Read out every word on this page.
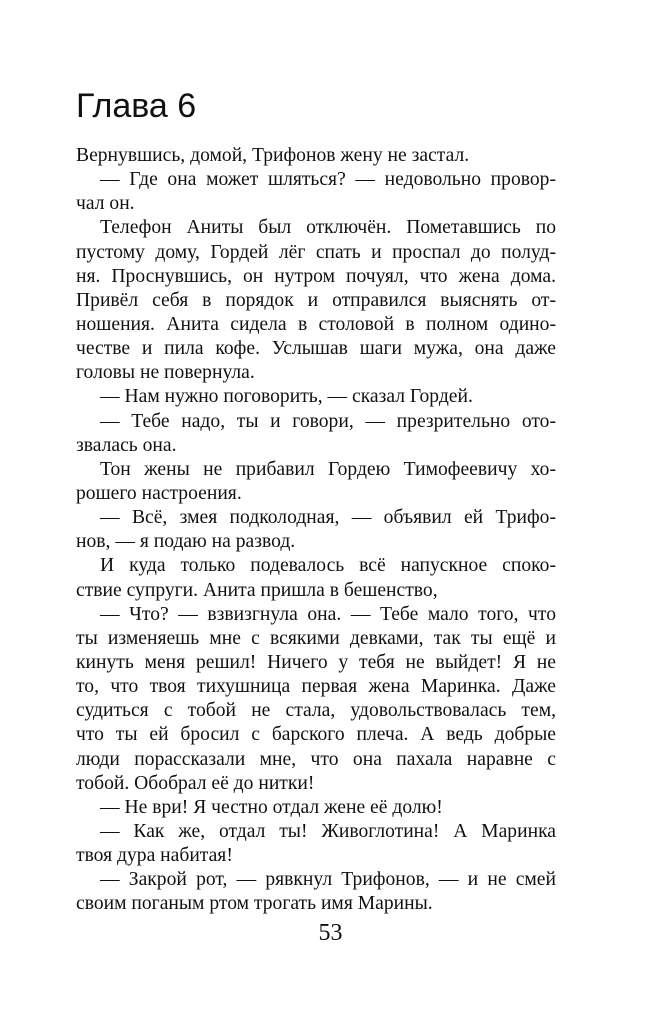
Глава 6
Вернувшись, домой, Трифонов жену не застал.
— Где она может шляться? — недовольно провор-
чал он.
Телефон Аниты был отключён. Пометавшись по
пустому дому, Гордей лёг спать и проспал до полуд-
ня. Проснувшись, он нутром почуял, что жена дома.
Привёл себя в порядок и отправился выяснять от-
ношения. Анита сидела в столовой в полном одино-
честве и пила кофе. Услышав шаги мужа, она даже
головы не повернула.
— Нам нужно поговорить, — сказал Гордей.
— Тебе надо, ты и говори, — презрительно ото-
звалась она.
Тон жены не прибавил Гордею Тимофеевичу хо-
рошего настроения.
— Всё, змея подколодная, — объявил ей Трифо-
нов, — я подаю на развод.
И куда только подевалось всё напускное споко-
ствие супруги. Анита пришла в бешенство,
— Что? — взвизгнула она. — Тебе мало того, что
ты изменяешь мне с всякими девками, так ты ещё и
кинуть меня решил! Ничего у тебя не выйдет! Я не
то, что твоя тихушница первая жена Маринка. Даже
судиться с тобой не стала, удовольствовалась тем,
что ты ей бросил с барского плеча. А ведь добрые
люди порассказали мне, что она пахала наравне с
тобой. Обобрал её до нитки!
— Не ври! Я честно отдал жене её долю!
— Как же, отдал ты! Живоглотина! А Маринка
твоя дура набитая!
— Закрой рот, — рявкнул Трифонов, — и не смей
своим поганым ртом трогать имя Марины.
53
